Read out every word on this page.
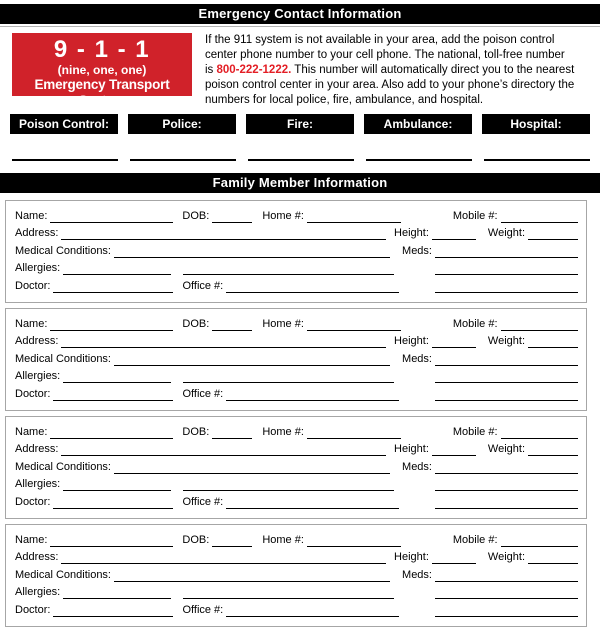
Emergency Contact Information
9 - 1 - 1
(nine, one, one)
Emergency Transport System
If the 911 system is not available in your area, add the poison control
center phone number to your cell phone. The national, toll-free number
is 800-222-1222. This number will automatically direct you to the nearest
poison control center in your area. Also add to your phone’s directory the
numbers for local police, fire, ambulance, and hospital.
Poison Control:	Police:	Fire:	Ambulance:	Hospital:
Family Member Information
Name:	DOB:	Home #:	Mobile #:
Address:	Height:	Weight:
Medical Conditions:	Meds:
Allergies:
Doctor:	Office #:
Name:	DOB:	Home #:	Mobile #:
Address:	Height:	Weight:
Medical Conditions:	Meds:
Allergies:
Doctor:	Office #:
Name:	DOB:	Home #:	Mobile #:
Address:	Height:	Weight:
Medical Conditions:	Meds:
Allergies:
Doctor:	Office #:
Name:	DOB:	Home #:	Mobile #:
Address:	Height:	Weight:
Medical Conditions:	Meds:
Allergies:
Doctor:	Office #:
